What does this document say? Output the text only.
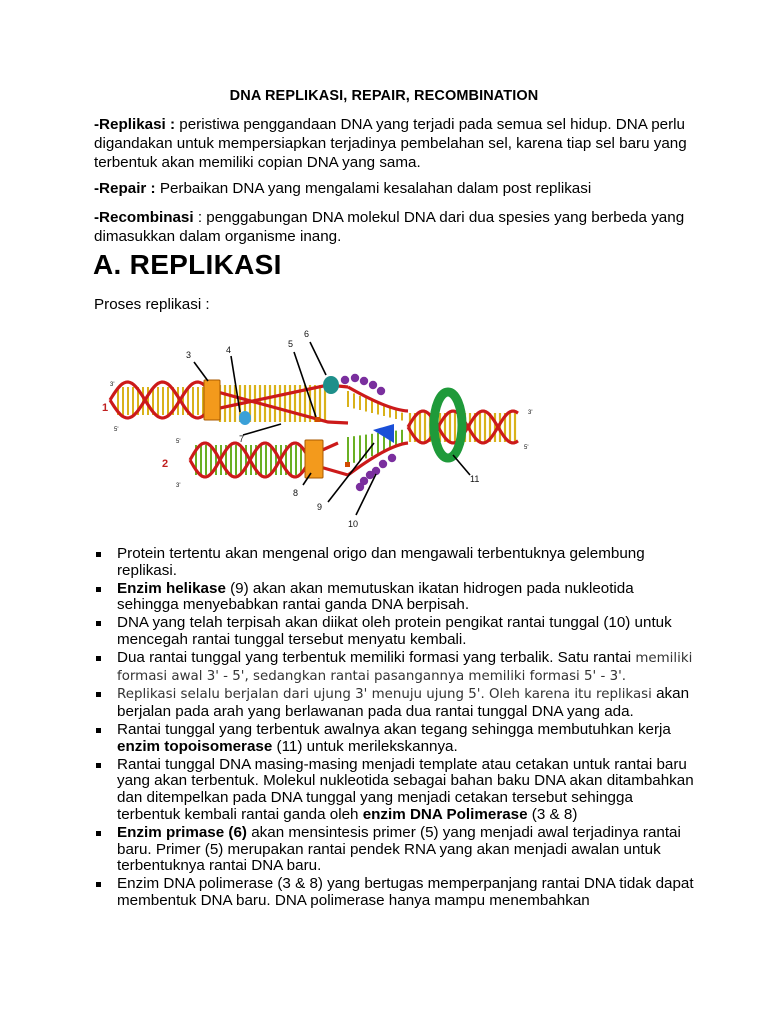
DNA REPLIKASI, REPAIR, RECOMBINATION
-Replikasi : peristiwa penggandaan DNA yang terjadi pada semua sel hidup. DNA perlu digandakan untuk mempersiapkan terjadinya pembelahan sel, karena tiap sel baru yang terbentuk akan memiliki copian DNA yang sama.
-Repair : Perbaikan DNA yang mengalami kesalahan dalam post replikasi
-Recombinasi : penggabungan DNA molekul DNA dari dua spesies yang berbeda yang dimasukkan dalam organisme inang.
A. REPLIKASI
Proses replikasi :
3	4
5
6
7
8
9
10
11
1
2
3'
5'
5'
3'
3'
5'
Protein tertentu akan mengenal origo dan mengawali terbentuknya gelembung replikasi.
Enzim helikase (9) akan akan memutuskan ikatan hidrogen pada nukleotida sehingga menyebabkan rantai ganda DNA berpisah.
DNA yang telah terpisah akan diikat oleh protein pengikat rantai tunggal (10) untuk mencegah rantai tunggal tersebut menyatu kembali.
Dua rantai tunggal yang terbentuk memiliki formasi yang terbalik. Satu rantai memiliki formasi awal 3' - 5', sedangkan rantai pasangannya memiliki formasi 5' - 3'.
Replikasi selalu berjalan dari ujung 3' menuju ujung 5'. Oleh karena itu replikasi akan berjalan pada arah yang berlawanan pada dua rantai tunggal DNA yang ada.
Rantai tunggal yang terbentuk awalnya akan tegang sehingga membutuhkan kerja enzim topoisomerase (11) untuk merilekskannya.
Rantai tunggal DNA masing-masing menjadi template atau cetakan untuk rantai baru yang akan terbentuk. Molekul nukleotida sebagai bahan baku DNA akan ditambahkan dan ditempelkan pada DNA tunggal yang menjadi cetakan tersebut sehingga terbentuk kembali rantai ganda oleh enzim DNA Polimerase (3 & 8)
Enzim primase (6) akan mensintesis primer (5) yang menjadi awal terjadinya rantai baru. Primer (5) merupakan rantai pendek RNA yang akan menjadi awalan untuk terbentuknya rantai DNA baru.
Enzim DNA polimerase (3 & 8) yang bertugas memperpanjang rantai DNA tidak dapat membentuk DNA baru. DNA polimerase hanya mampu menembahkan
